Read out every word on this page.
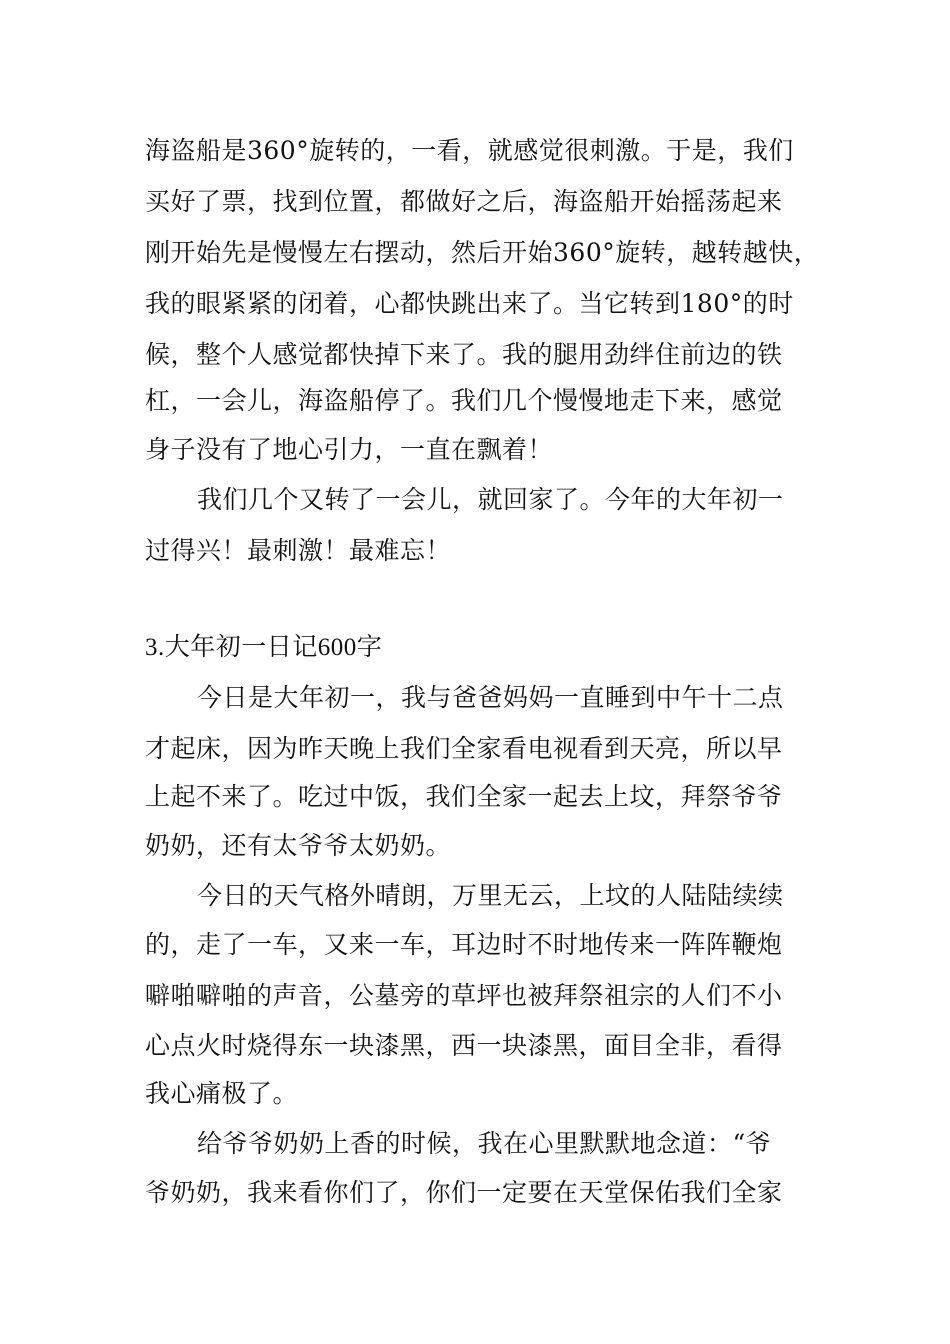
海盗船是360°旋转的，一看，就感觉很刺激。于是，我们
买好了票，找到位置，都做好之后，海盗船开始摇荡起来
刚开始先是慢慢左右摆动，然后开始360°旋转，越转越快，
我的眼紧紧的闭着，心都快跳出来了。当它转到180°的时
候，整个人感觉都快掉下来了。我的腿用劲绊住前边的铁
杠，一会儿，海盗船停了。我们几个慢慢地走下来，感觉
身子没有了地心引力，一直在飘着！
我们几个又转了一会儿，就回家了。今年的大年初一
过得兴！最刺激！最难忘！
3.大年初一日记600字
今日是大年初一，我与爸爸妈妈一直睡到中午十二点
才起床，因为昨天晚上我们全家看电视看到天亮，所以早
上起不来了。吃过中饭，我们全家一起去上坟，拜祭爷爷
奶奶，还有太爷爷太奶奶。
今日的天气格外晴朗，万里无云，上坟的人陆陆续续
的，走了一车，又来一车，耳边时不时地传来一阵阵鞭炮
噼啪噼啪的声音，公墓旁的草坪也被拜祭祖宗的人们不小
心点火时烧得东一块漆黑，西一块漆黑，面目全非，看得
我心痛极了。
给爷爷奶奶上香的时候，我在心里默默地念道：“爷
爷奶奶，我来看你们了，你们一定要在天堂保佑我们全家
